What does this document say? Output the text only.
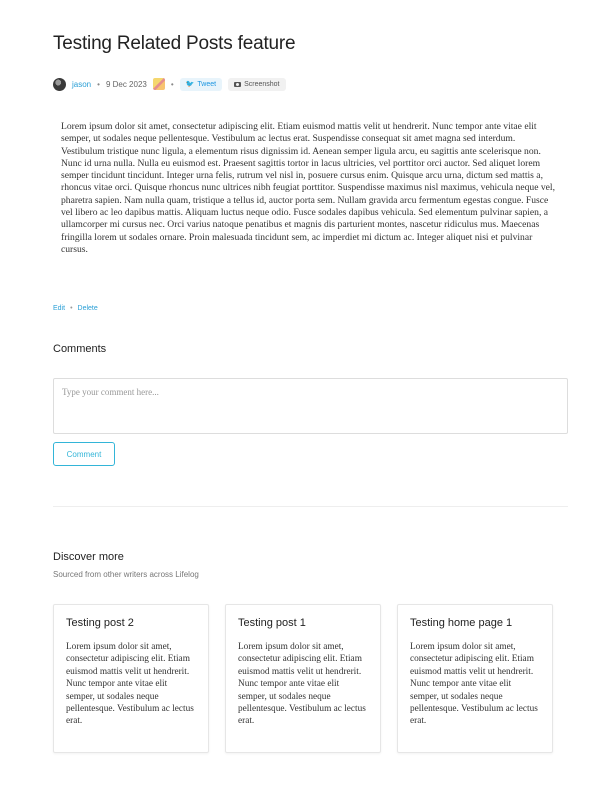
Testing Related Posts feature
jason • 9 Dec 2023	• 🐦 Tweet	Screenshot

Lorem ipsum dolor sit amet, consectetur adipiscing elit. Etiam euismod mattis velit ut hendrerit. Nunc tempor ante vitae elit semper, ut sodales neque pellentesque. Vestibulum ac lectus erat. Suspendisse consequat sit amet magna sed interdum. Vestibulum tristique nunc ligula, a elementum risus dignissim id. Aenean semper ligula arcu, eu sagittis ante scelerisque non. Nunc id urna nulla. Nulla eu euismod est. Praesent sagittis tortor in lacus ultricies, vel porttitor orci auctor. Sed aliquet lorem semper tincidunt tincidunt. Integer urna felis, rutrum vel nisl in, posuere cursus enim. Quisque arcu urna, dictum sed mattis a, rhoncus vitae orci. Quisque rhoncus nunc ultrices nibh feugiat porttitor. Suspendisse maximus nisl maximus, vehicula neque vel, pharetra sapien. Nam nulla quam, tristique a tellus id, auctor porta sem. Nullam gravida arcu fermentum egestas congue. Fusce vel libero ac leo dapibus mattis. Aliquam luctus neque odio. Fusce sodales dapibus vehicula. Sed elementum pulvinar sapien, a ullamcorper mi cursus nec. Orci varius natoque penatibus et magnis dis parturient montes, nascetur ridiculus mus. Maecenas fringilla lorem ut sodales ornare. Proin malesuada tincidunt sem, ac imperdiet mi dictum ac. Integer aliquet nisi et pulvinar cursus.

Edit • Delete
Comments
Type your comment here...
Comment
Discover more

Sourced from other writers across Lifelog

Testing post 2

Lorem ipsum dolor sit amet, consectetur adipiscing elit. Etiam euismod mattis velit ut hendrerit. Nunc tempor ante vitae elit semper, ut sodales neque pellentesque. Vestibulum ac lectus erat.

Testing post 1

Lorem ipsum dolor sit amet, consectetur adipiscing elit. Etiam euismod mattis velit ut hendrerit. Nunc tempor ante vitae elit semper, ut sodales neque pellentesque. Vestibulum ac lectus erat.

Testing home page 1

Lorem ipsum dolor sit amet, consectetur adipiscing elit. Etiam euismod mattis velit ut hendrerit. Nunc tempor ante vitae elit semper, ut sodales neque pellentesque. Vestibulum ac lectus erat.
